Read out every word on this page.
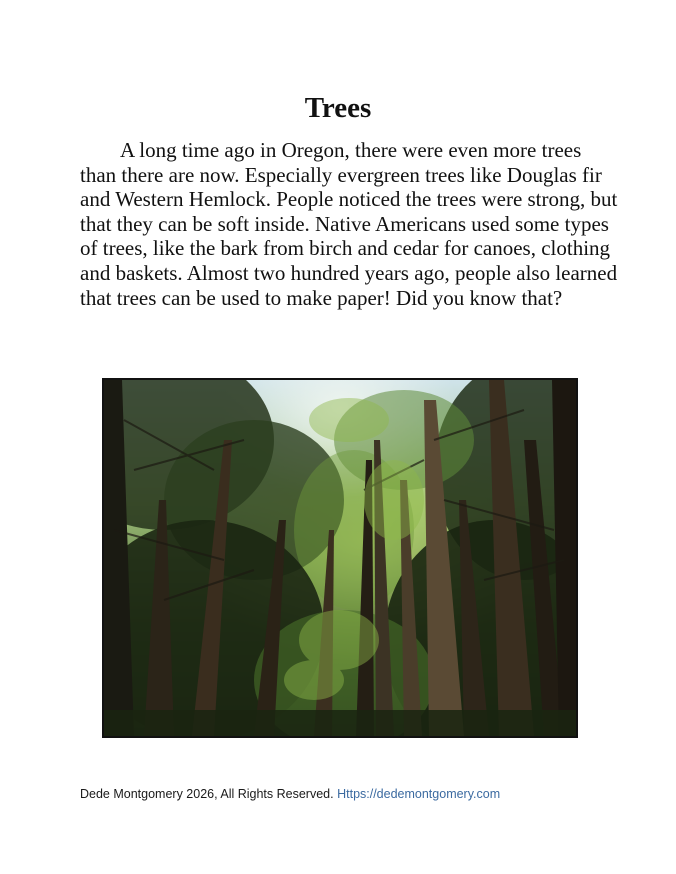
Trees

A long time ago in Oregon, there were even more trees than there are now. Especially evergreen trees like Douglas fir and Western Hemlock. People noticed the trees were strong, but that they can be soft inside. Native Americans used some types of trees, like the bark from birch and cedar for canoes, clothing and baskets. Almost two hundred years ago, people also learned that trees can be used to make paper! Did you know that?

Dede Montgomery 2026, All Rights Reserved. Https://dedemontgomery.com
